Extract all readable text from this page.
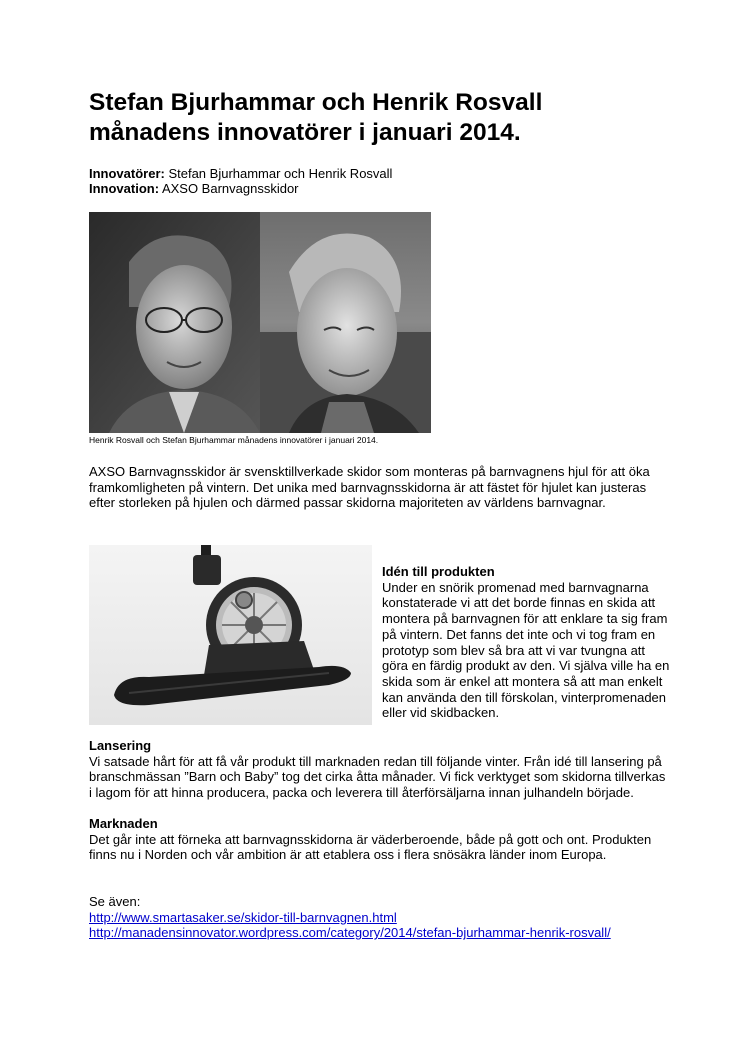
Stefan Bjurhammar och Henrik Rosvall
månadens innovatörer i januari 2014.
Innovatörer: Stefan Bjurhammar och Henrik Rosvall
Innovation: AXSO Barnvagnsskidor
Henrik Rosvall och Stefan Bjurhammar månadens innovatörer i januari 2014.
AXSO Barnvagnsskidor är svensktillverkade skidor som monteras på barnvagnens hjul för att öka framkomligheten på vintern. Det unika med barnvagnsskidorna är att fästet för hjulet kan justeras efter storleken på hjulen och därmed passar skidorna majoriteten av världens barnvagnar.
Idén till produkten
Under en snörik promenad med barnvagnarna konstaterade vi att det borde finnas en skida att montera på barnvagnen för att enklare ta sig fram på vintern. Det fanns det inte och vi tog fram en prototyp som blev så bra att vi var tvungna att göra en färdig produkt av den. Vi själva ville ha en skida som är enkel att montera så att man enkelt kan använda den till förskolan, vinterpromenaden eller vid skidbacken.
Lansering
Vi satsade hårt för att få vår produkt till marknaden redan till följande vinter. Från idé till lansering på branschmässan ”Barn och Baby” tog det cirka åtta månader. Vi fick verktyget som skidorna tillverkas i lagom för att hinna producera, packa och leverera till återförsäljarna innan julhandeln började.
Marknaden
Det går inte att förneka att barnvagnsskidorna är väderberoende, både på gott och ont. Produkten finns nu i Norden och vår ambition är att etablera oss i flera snösäkra länder inom Europa.
Se även:
http://www.smartasaker.se/skidor-till-barnvagnen.html
http://manadensinnovator.wordpress.com/category/2014/stefan-bjurhammar-henrik-rosvall/
